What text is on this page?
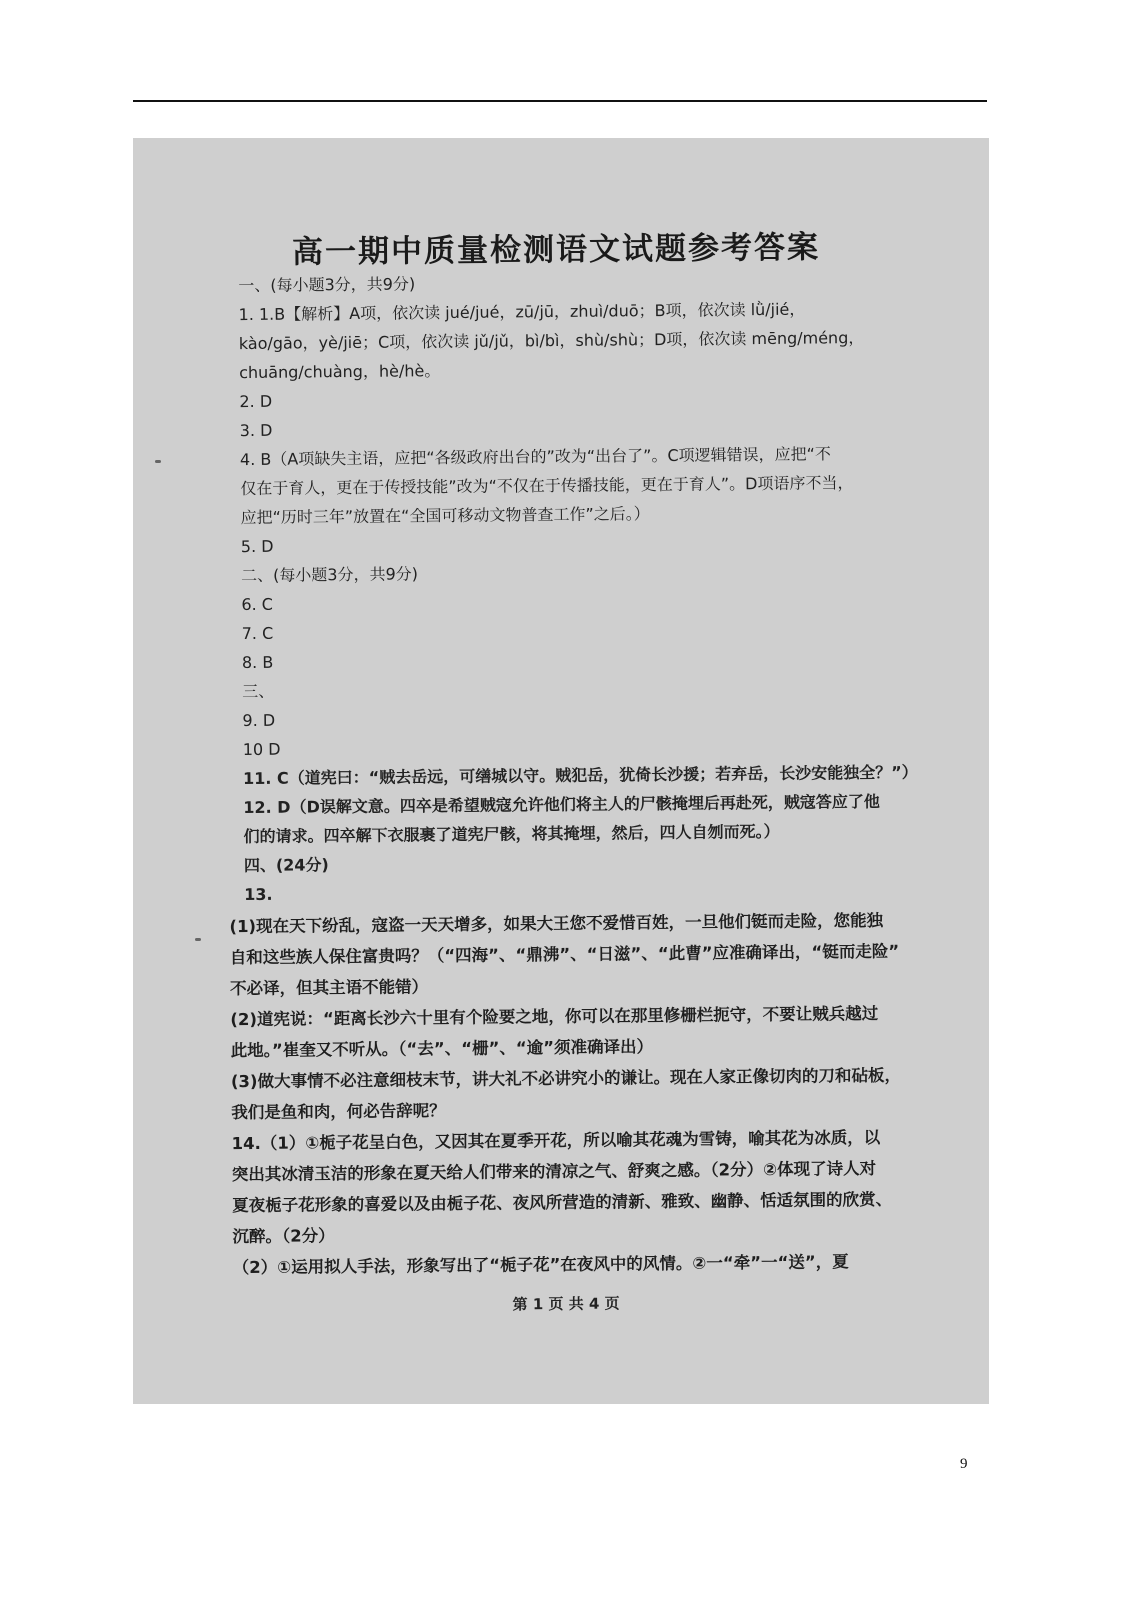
高一期中质量检测语文试题参考答案
一、(每小题3分，共9分)
1. 1.B【解析】A项，依次读 jué/jué，zū/jū，zhuì/duō；B项，依次读 lǜ/jié，
kào/gāo，yè/jiē；C项，依次读 jǔ/jǔ，bì/bì，shù/shù；D项，依次读 mēng/méng，
chuāng/chuàng，hè/hè。
2. D
3. D
4. B（A项缺失主语，应把“各级政府出台的”改为“出台了”。C项逻辑错误，应把“不
仅在于育人，更在于传授技能”改为“不仅在于传播技能，更在于育人”。D项语序不当，
应把“历时三年”放置在“全国可移动文物普查工作”之后。）
5. D
二、(每小题3分，共9分)
6. C
7. C
8. B
三、
9. D
10 D
11. C（道宪曰：“贼去岳远，可缮城以守。贼犯岳，犹倚长沙援；若弃岳，长沙安能独全？”）
12. D（D误解文意。四卒是希望贼寇允许他们将主人的尸骸掩埋后再赴死，贼寇答应了他
们的请求。四卒解下衣服裹了道宪尸骸，将其掩埋，然后，四人自刎而死。）
四、(24分)
13.
(1)现在天下纷乱，寇盗一天天增多，如果大王您不爱惜百姓，一旦他们铤而走险，您能独
自和这些族人保住富贵吗？（“四海”、“鼎沸”、“日滋”、“此曹”应准确译出，“铤而走险”
不必译，但其主语不能错）
(2)道宪说：“距离长沙六十里有个险要之地，你可以在那里修栅栏扼守，不要让贼兵越过
此地。”崔奎又不听从。（“去”、“栅”、“逾”须准确译出）
(3)做大事情不必注意细枝末节，讲大礼不必讲究小的谦让。现在人家正像切肉的刀和砧板，
我们是鱼和肉，何必告辞呢？
14.（1）①栀子花呈白色，又因其在夏季开花，所以喻其花魂为雪铸，喻其花为冰质，以
突出其冰清玉洁的形象在夏天给人们带来的清凉之气、舒爽之感。（2分）②体现了诗人对
夏夜栀子花形象的喜爱以及由栀子花、夜风所营造的清新、雅致、幽静、恬适氛围的欣赏、
沉醉。（2分）
（2）①运用拟人手法，形象写出了“栀子花”在夜风中的风情。②一“牵”一“送”，夏
第 1 页 共 4 页
9
